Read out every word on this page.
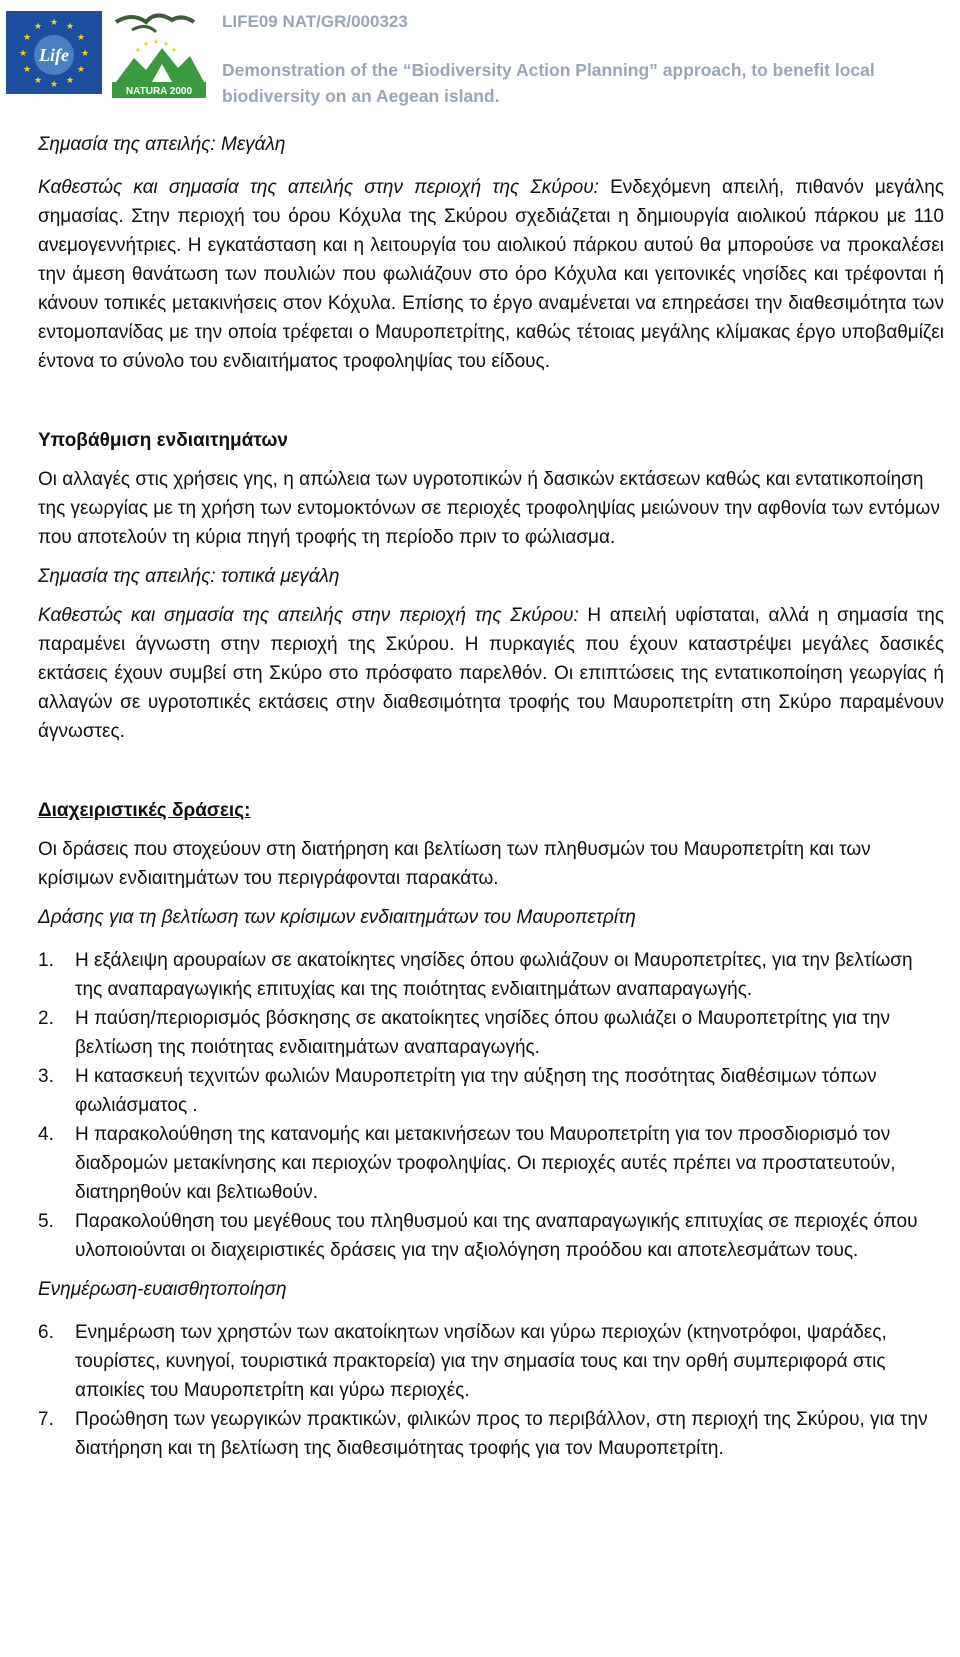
★ ★
★
★
★
★
★
★
★
★
★
★
Life
★ ★
★
★
★
NATURA 2000
LIFE09 NAT/GR/000323
Demonstration of the “Biodiversity Action Planning” approach, to benefit local biodiversity on an Aegean island.

Σημασία της απειλής: Μεγάλη

Καθεστώς και σημασία της απειλής στην περιοχή της Σκύρου: Ενδεχόμενη απειλή, πιθανόν μεγάλης σημασίας. Στην περιοχή του όρου Κόχυλα της Σκύρου σχεδιάζεται η δημιουργία αιολικού πάρκου με 110 ανεμογεννήτριες. Η εγκατάσταση και η λειτουργία του αιολικού πάρκου αυτού θα μπορούσε να προκαλέσει την άμεση θανάτωση των πουλιών που φωλιάζουν στο όρο Κόχυλα και γειτονικές νησίδες και τρέφονται ή κάνουν τοπικές μετακινήσεις στον Κόχυλα. Επίσης το έργο αναμένεται να επηρεάσει την διαθεσιμότητα των εντομοπανίδας με την οποία τρέφεται ο Μαυροπετρίτης, καθώς τέτοιας μεγάλης κλίμακας έργο υποβαθμίζει έντονα το σύνολο του ενδιαιτήματος τροφοληψίας του είδους.

Υποβάθμιση ενδιαιτημάτων

Οι αλλαγές στις χρήσεις γης, η απώλεια των υγροτοπικών ή δασικών εκτάσεων καθώς και εντατικοποίηση της γεωργίας με τη χρήση των εντομοκτόνων σε περιοχές τροφοληψίας μειώνουν την αφθονία των εντόμων που αποτελούν τη κύρια πηγή τροφής τη περίοδο πριν το φώλιασμα.

Σημασία της απειλής: τοπικά μεγάλη

Καθεστώς και σημασία της απειλής στην περιοχή της Σκύρου: Η απειλή υφίσταται, αλλά η σημασία της παραμένει άγνωστη στην περιοχή της Σκύρου. Η πυρκαγιές που έχουν καταστρέψει μεγάλες δασικές εκτάσεις έχουν συμβεί στη Σκύρο στο πρόσφατο παρελθόν. Οι επιπτώσεις της εντατικοποίηση γεωργίας ή αλλαγών σε υγροτοπικές εκτάσεις στην διαθεσιμότητα τροφής του Μαυροπετρίτη στη Σκύρο παραμένουν άγνωστες.

Διαχειριστικές δράσεις:

Οι δράσεις που στοχεύουν στη διατήρηση και βελτίωση των πληθυσμών του Μαυροπετρίτη και των κρίσιμων ενδιαιτημάτων του περιγράφονται παρακάτω.

Δράσης για τη βελτίωση των κρίσιμων ενδιαιτημάτων του Μαυροπετρίτη

1. Η εξάλειψη αρουραίων σε ακατοίκητες νησίδες όπου φωλιάζουν οι Μαυροπετρίτες, για την βελτίωση της αναπαραγωγικής επιτυχίας και της ποιότητας ενδιαιτημάτων αναπαραγωγής.
2. Η παύση/περιορισμός βόσκησης σε ακατοίκητες νησίδες όπου φωλιάζει ο Μαυροπετρίτης για την βελτίωση της ποιότητας ενδιαιτημάτων αναπαραγωγής.
3. Η κατασκευή τεχνιτών φωλιών Μαυροπετρίτη για την αύξηση της ποσότητας διαθέσιμων τόπων φωλιάσματος .
4. Η παρακολούθηση της κατανομής και μετακινήσεων του Μαυροπετρίτη για τον προσδιορισμό τον διαδρομών μετακίνησης και περιοχών τροφοληψίας. Οι περιοχές αυτές πρέπει να προστατευτούν, διατηρηθούν και βελτιωθούν.
5. Παρακολούθηση του μεγέθους του πληθυσμού και της αναπαραγωγικής επιτυχίας σε περιοχές όπου υλοποιούνται οι διαχειριστικές δράσεις για την αξιολόγηση προόδου και αποτελεσμάτων τους.

Ενημέρωση-ευαισθητοποίηση

6. Ενημέρωση των χρηστών των ακατοίκητων νησίδων και γύρω περιοχών (κτηνοτρόφοι, ψαράδες, τουρίστες, κυνηγοί, τουριστικά πρακτορεία) για την σημασία τους και την ορθή συμπεριφορά στις αποικίες του Μαυροπετρίτη και γύρω περιοχές.
7. Προώθηση των γεωργικών πρακτικών, φιλικών προς το περιβάλλον, στη περιοχή της Σκύρου, για την διατήρηση και τη βελτίωση της διαθεσιμότητας τροφής για τον Μαυροπετρίτη.
